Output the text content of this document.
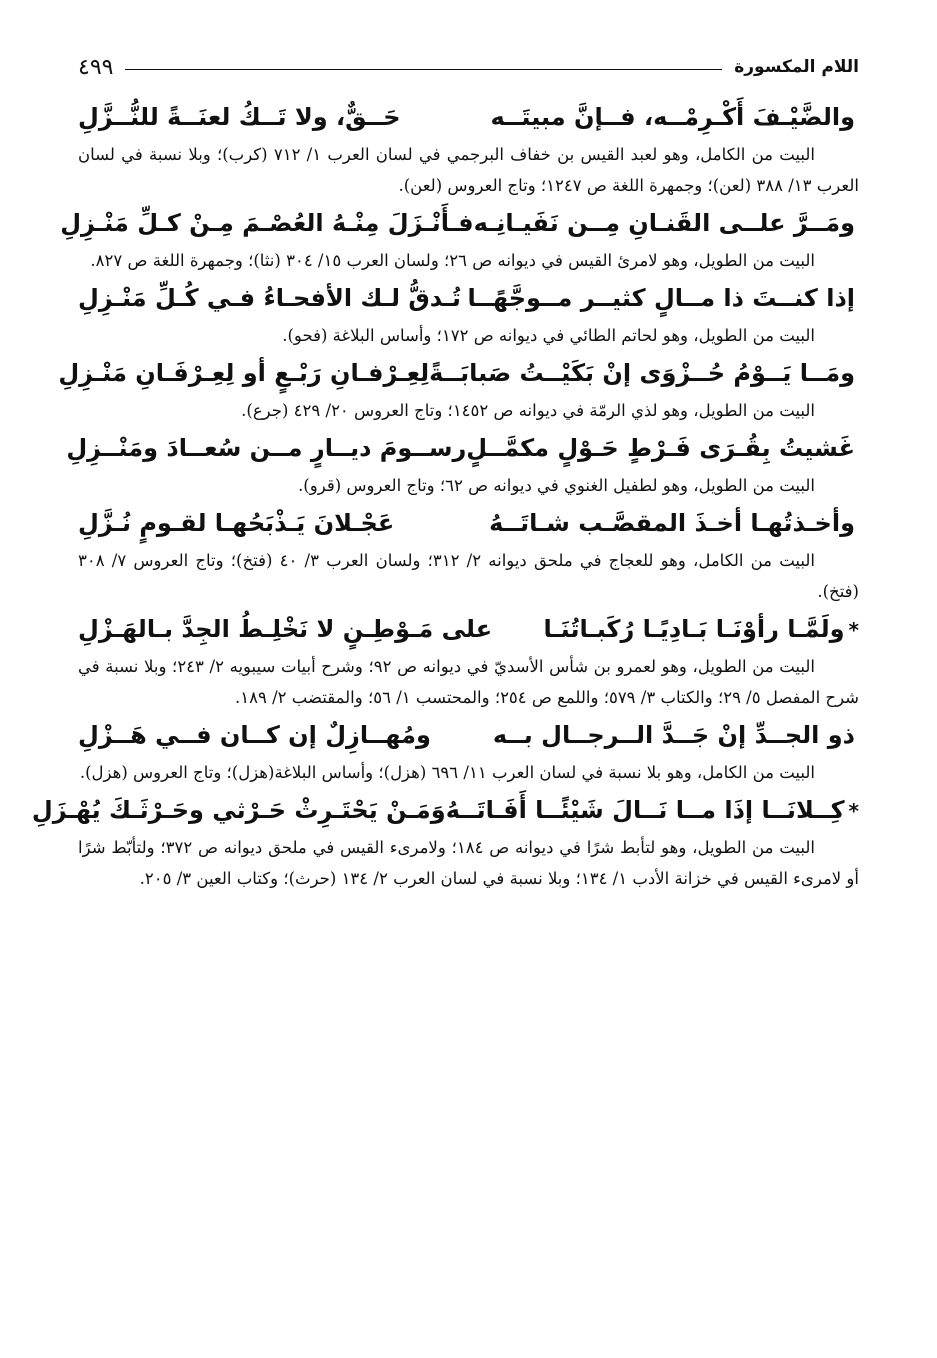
اللام المكسورة
٤٩٩
والضَّيْـفَ أَكْـرِمْــه، فــإنَّ مبيتَــه
حَــقٌّ، ولا تَــكُ لعنَــةً للنُّــزَّلِ

البيت من الكامل، وهو لعبد القيس بن خفاف البرجمي في لسان العرب ١/ ٧١٢ (كرب)؛ وبلا نسبة في لسان العرب ١٣/ ٣٨٨ (لعن)؛ وجمهرة اللغة ص ١٢٤٧؛ وتاج العروس (لعن).

ومَــرَّ علــى القَنـانِ مِــن نَفَيـانِـه
فـأَنْـزَلَ مِنْـهُ العُصْـمَ مِـنْ كـلِّ مَنْـزِلِ

البيت من الطويل، وهو لامرئ القيس في ديوانه ص ٢٦؛ ولسان العرب ١٥/ ٣٠٤ (نثا)؛ وجمهرة اللغة ص ٨٢٧.

إذا كنــتَ ذا مــالٍ كثيــر مــوجَّهًــا
تُـدقُّ لـك الأفحـاءُ فـي كُـلِّ مَنْـزِلِ

البيت من الطويل، وهو لحاتم الطائي في ديوانه ص ١٧٢؛ وأساس البلاغة (فحو).

ومَــا يَــوْمُ حُــزْوَى إنْ بَكَيْــتُ صَبابَــةً
لِعِـرْفـانِ رَبْـعٍ أو لِعِـرْفَـانِ مَنْـزِلِ

البيت من الطويل، وهو لذي الرمّة في ديوانه ص ١٤٥٢؛ وتاج العروس ٢٠/ ٤٢٩ (جرع).

غَشيتُ بِقُـرَى فَـرْطٍ حَـوْلٍ مكمَّــلٍ
رســومَ ديــارٍ مــن سُعــادَ ومَنْــزِلِ

البيت من الطويل، وهو لطفيل الغنوي في ديوانه ص ٦٢؛ وتاج العروس (قرو).

وأخـذتُهـا أخـذَ المقصَّـب شـاتَــهُ
عَجْـلانَ يَـذْبَحُهـا لقـومٍ نُـزَّلِ

البيت من الكامل، وهو للعجاج في ملحق ديوانه ٢/ ٣١٢؛ ولسان العرب ٣/ ٤٠ (فتخ)؛ وتاج العروس ٧/ ٣٠٨ (فتخ).

*ولَمَّـا رأوْنَـا بَـادِيًـا رُكَبـاتُنَـا
على مَـوْطِـنٍ لا نَخْلِـطُ الجِدَّ بـالهَـزْلِ

البيت من الطويل، وهو لعمرو بن شأس الأسديّ في ديوانه ص ٩٢؛ وشرح أبيات سيبويه ٢/ ٢٤٣؛ وبلا نسبة في شرح المفصل ٥/ ٢٩؛ والكتاب ٣/ ٥٧٩؛ واللمع ص ٢٥٤؛ والمحتسب ١/ ٥٦؛ والمقتضب ٢/ ١٨٩.

ذو الجــدِّ إنْ جَــدَّ الــرجــال بــه
ومُهــازِلٌ إن كــان فــي هَــزْلِ

البيت من الكامل، وهو بلا نسبة في لسان العرب ١١/ ٦٩٦ (هزل)؛ وأساس البلاغة(هزل)؛ وتاج العروس (هزل).

*كِــلانَــا إذَا مــا نَــالَ شَيْئًــا أَفَـاتَــهُ
وَمَـنْ يَحْتَـرِثْ حَـرْثي وحَـرْثَـكَ يُهْـزَلِ

البيت من الطويل، وهو لتأبط شرًا في ديوانه ص ١٨٤؛ ولامرىء القيس في ملحق ديوانه ص ٣٧٢؛ ولتأبّط شرًا أو لامرىء القيس في خزانة الأدب ١/ ١٣٤؛ وبلا نسبة في لسان العرب ٢/ ١٣٤ (حرث)؛ وكتاب العين ٣/ ٢٠٥.
